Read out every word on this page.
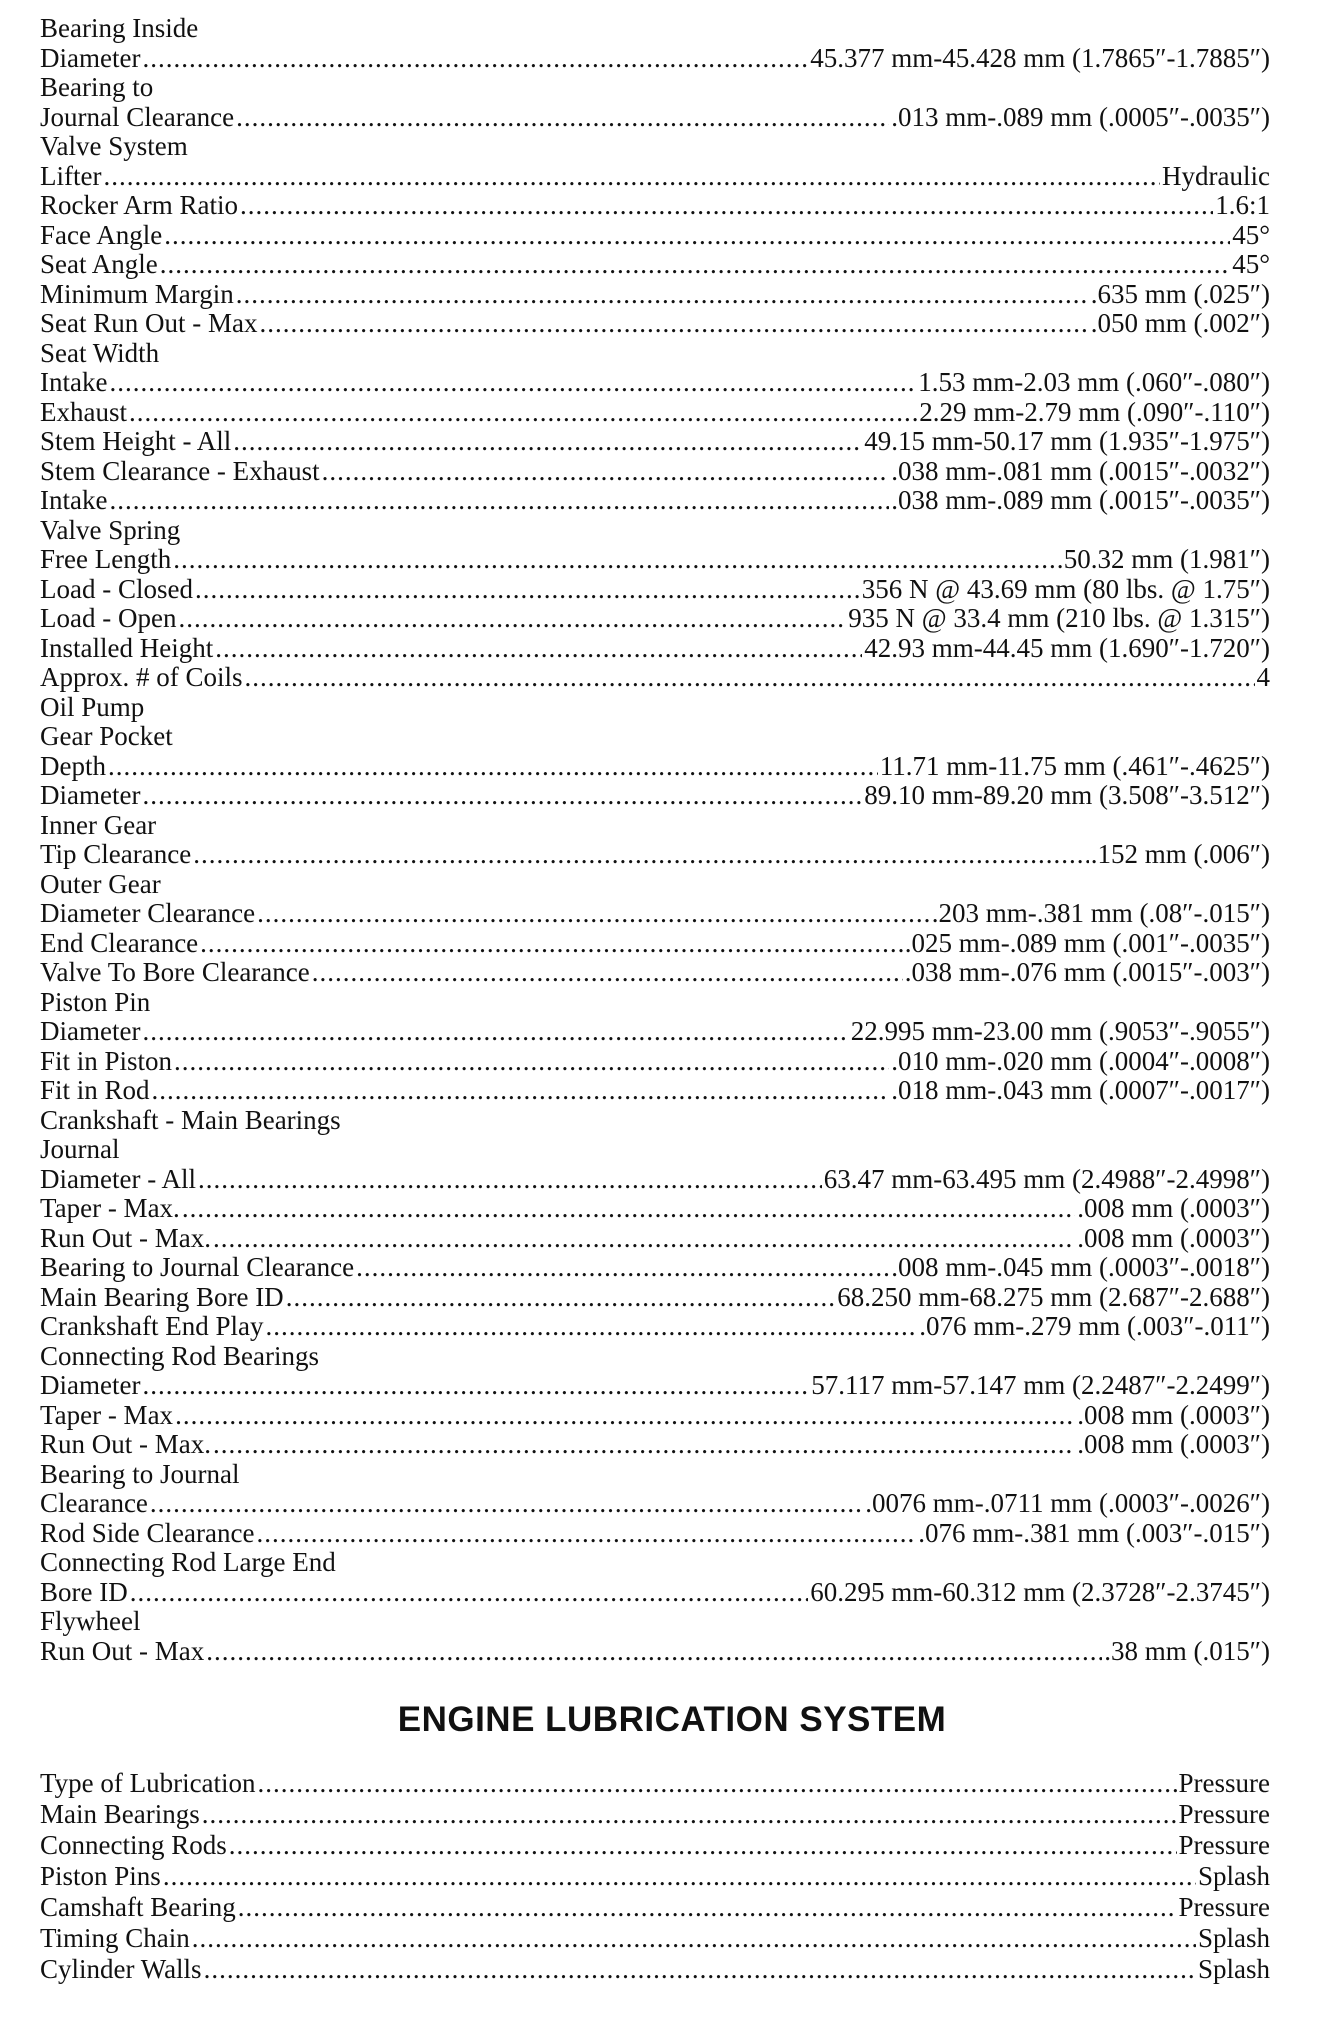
Bearing Inside
Diameter .....	45.377 mm-45.428 mm (1.7865″-1.7885″)
Bearing to
Journal Clearance .....	.013 mm-.089 mm (.0005″-.0035″)
Valve System
Lifter .....	Hydraulic
Rocker Arm Ratio .....	1.6:1
Face Angle .....	45°
Seat Angle .....	45°
Minimum Margin .....	.635 mm (.025″)
Seat Run Out - Max .....	.050 mm (.002″)
Seat Width
Intake .....	1.53 mm-2.03 mm (.060″-.080″)
Exhaust .....	2.29 mm-2.79 mm (.090″-.110″)
Stem Height - All .....	49.15 mm-50.17 mm (1.935″-1.975″)
Stem Clearance - Exhaust .....	.038 mm-.081 mm (.0015″-.0032″)
Intake .....	.038 mm-.089 mm (.0015″-.0035″)
Valve Spring
Free Length .....	50.32 mm (1.981″)
Load - Closed .....	356 N @ 43.69 mm (80 lbs. @ 1.75″)
Load - Open .....	935 N @ 33.4 mm (210 lbs. @ 1.315″)
Installed Height .....	42.93 mm-44.45 mm (1.690″-1.720″)
Approx. # of Coils .....	4
Oil Pump
Gear Pocket
Depth .....	11.71 mm-11.75 mm (.461″-.4625″)
Diameter .....	89.10 mm-89.20 mm (3.508″-3.512″)
Inner Gear
Tip Clearance .....	.152 mm (.006″)
Outer Gear
Diameter Clearance .....	.203 mm-.381 mm (.08″-.015″)
End Clearance .....	.025 mm-.089 mm (.001″-.0035″)
Valve To Bore Clearance .....	.038 mm-.076 mm (.0015″-.003″)
Piston Pin
Diameter .....	22.995 mm-23.00 mm (.9053″-.9055″)
Fit in Piston .....	.010 mm-.020 mm (.0004″-.0008″)
Fit in Rod .....	.018 mm-.043 mm (.0007″-.0017″)
Crankshaft - Main Bearings
Journal
Diameter - All .....	63.47 mm-63.495 mm (2.4988″-2.4998″)
Taper - Max. .....	.008 mm (.0003″)
Run Out - Max. .....	.008 mm (.0003″)
Bearing to Journal Clearance .....	.008 mm-.045 mm (.0003″-.0018″)
Main Bearing Bore ID .....	68.250 mm-68.275 mm (2.687″-2.688″)
Crankshaft End Play .....	.076 mm-.279 mm (.003″-.011″)
Connecting Rod Bearings
Diameter .....	57.117 mm-57.147 mm (2.2487″-2.2499″)
Taper - Max .....	.008 mm (.0003″)
Run Out - Max. .....	.008 mm (.0003″)
Bearing to Journal
Clearance .....	.0076 mm-.0711 mm (.0003″-.0026″)
Rod Side Clearance .....	.076 mm-.381 mm (.003″-.015″)
Connecting Rod Large End
Bore ID .....	60.295 mm-60.312 mm (2.3728″-2.3745″)
Flywheel
Run Out - Max .....	.38 mm (.015″)
ENGINE LUBRICATION SYSTEM
Type of Lubrication .....	Pressure
Main Bearings .....	Pressure
Connecting Rods .....	Pressure
Piston Pins .....	Splash
Camshaft Bearing .....	Pressure
Timing Chain .....	Splash
Cylinder Walls .....	Splash
